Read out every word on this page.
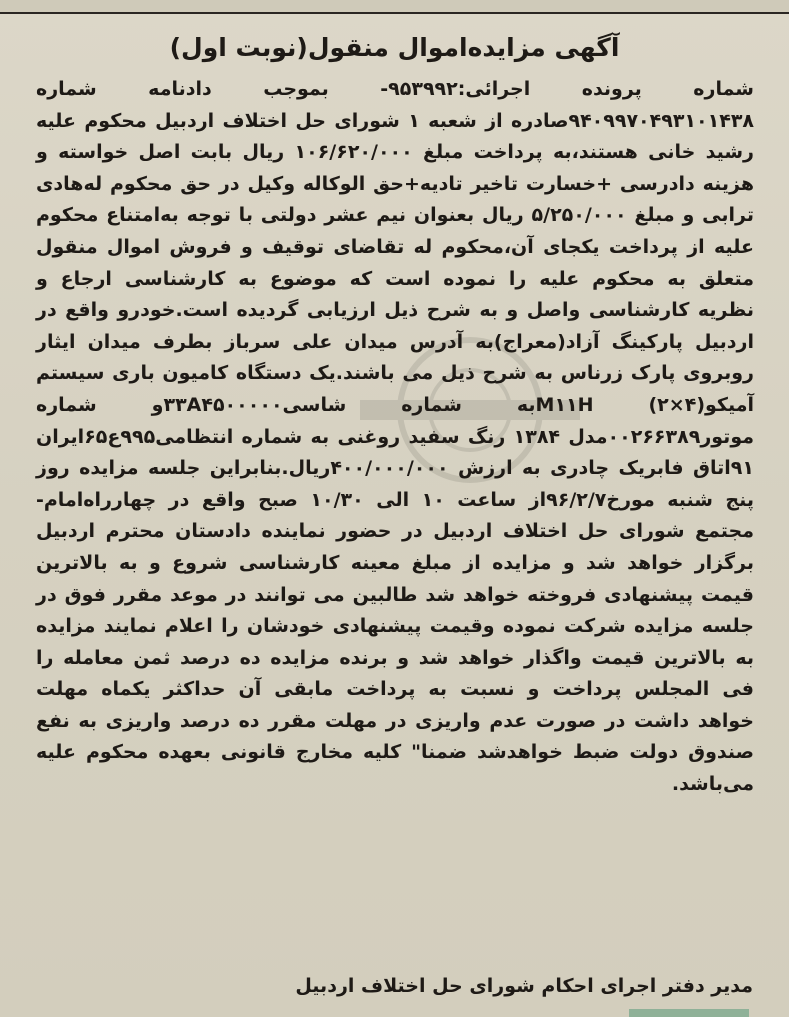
آگهی مزایده‌اموال منقول(نوبت اول)

شماره پرونده اجرائی:۹۵۳۹۹۲- بموجب دادنامه شماره ۹۴۰۹۹۷۰۴۹۳۱۰۱۴۳۸صادره از شعبه ۱ شورای حل اختلاف اردبیل محکوم علیه رشید خانی هستند،به پرداخت مبلغ ۱۰۶/۶۲۰/۰۰۰ ریال بابت اصل خواسته و هزینه دادرسی +خسارت تاخیر تادیه+حق الوکاله وکیل در حق محکوم له‌هادی ترابی و مبلغ ۵/۲۵۰/۰۰۰ ریال بعنوان نیم عشر دولتی با توجه به‌امتناع محکوم علیه از پرداخت یکجای آن،محکوم له تقاضای توقیف و فروش اموال منقول متعلق به محکوم علیه را نموده است که موضوع به کارشناسی ارجاع و نظریه کارشناسی واصل و به شرح ذیل ارزیابی گردیده است.خودرو واقع در اردبیل پارکینگ آزاد(معراج)به آدرس میدان علی سرباز بطرف میدان ایثار روبروی پارک زرناس به شرح ذیل می باشند.یک دستگاه کامیون باری سیستم آمیکو(۴×۲) M۱۱Hبه شماره شاسی۳۳A۴۵۰۰۰۰۰و شماره موتور۰۰۲۶۶۳۸۹مدل ۱۳۸۴ رنگ سفید روغنی به شماره انتظامی۹۹۵ع۶۵ایران ۹۱اتاق فابریک چادری به ارزش ۴۰۰/۰۰۰/۰۰۰ریال.بنابراین جلسه مزایده روز پنج شنبه مورخ۹۶/۲/۷از ساعت ۱۰ الی ۱۰/۳۰ صبح واقع در چهارراه‌امام- مجتمع شورای حل اختلاف اردبیل در حضور نماینده دادستان محترم اردبیل برگزار خواهد شد و مزایده از مبلغ معینه کارشناسی شروع و به بالاترین قیمت پیشنهادی فروخته خواهد شد طالبین می توانند در موعد مقرر فوق در جلسه مزایده شرکت نموده وقیمت پیشنهادی خودشان را اعلام نمایند مزایده به بالاترین قیمت واگذار خواهد شد و برنده مزایده ده درصد ثمن معامله را فی المجلس پرداخت و نسبت به پرداخت مابقی آن حداکثر یکماه مهلت خواهد داشت در صورت عدم واریزی در مهلت مقرر ده درصد واریزی به نفع صندوق دولت ضبط خواهدشد ضمنا" کلیه مخارج قانونی بعهده محکوم علیه می‌باشد.

مدیر دفتر اجرای احکام شورای حل اختلاف اردبیل
